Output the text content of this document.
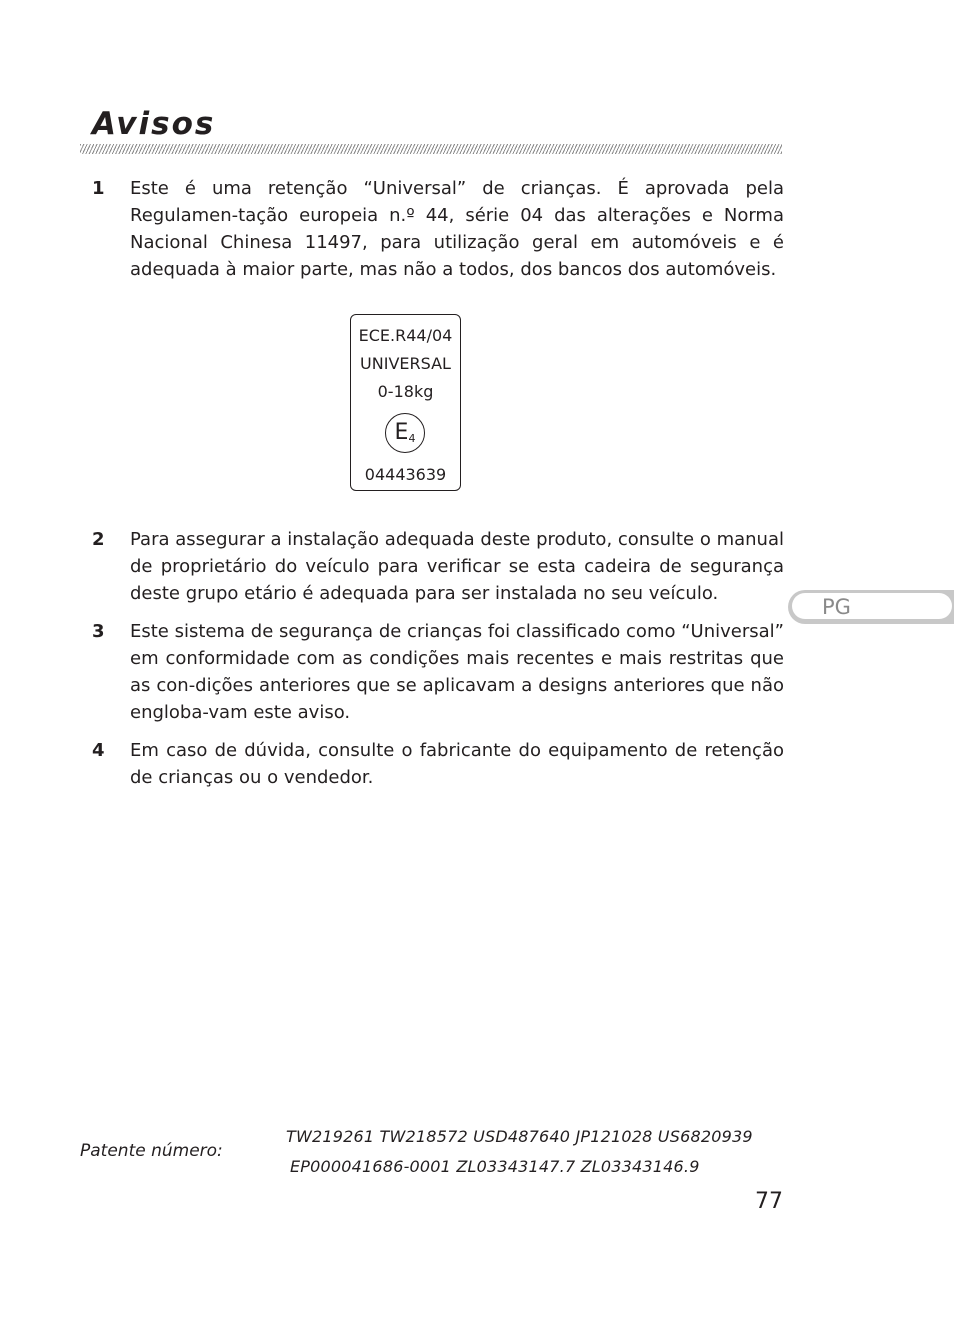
Avisos
1 Este é uma retenção “Universal” de crianças. É aprovada pela Regulamen-tação europeia n.º 44, série 04 das alterações e Norma Nacional Chinesa 11497, para utilização geral em automóveis e é adequada à maior parte, mas não a todos, dos bancos dos automóveis.
ECE.R44/04
UNIVERSAL
0-18kg
$E_4$
04443639
2 Para assegurar a instalação adequada deste produto, consulte o manual de proprietário do veículo para verificar se esta cadeira de segurança deste grupo etário é adequada para ser instalada no seu veículo.
3 Este sistema de segurança de crianças foi classificado como “Universal” em conformidade com as condições mais recentes e mais restritas que as con-dições anteriores que se aplicavam a designs anteriores que não engloba-vam este aviso.
4 Em caso de dúvida, consulte o fabricante do equipamento de retenção de crianças ou o vendedor.
PG
Patente número:
TW219261 TW218572 USD487640 JP121028 US6820939
EP000041686-0001 ZL03343147.7 ZL03343146.9
77
